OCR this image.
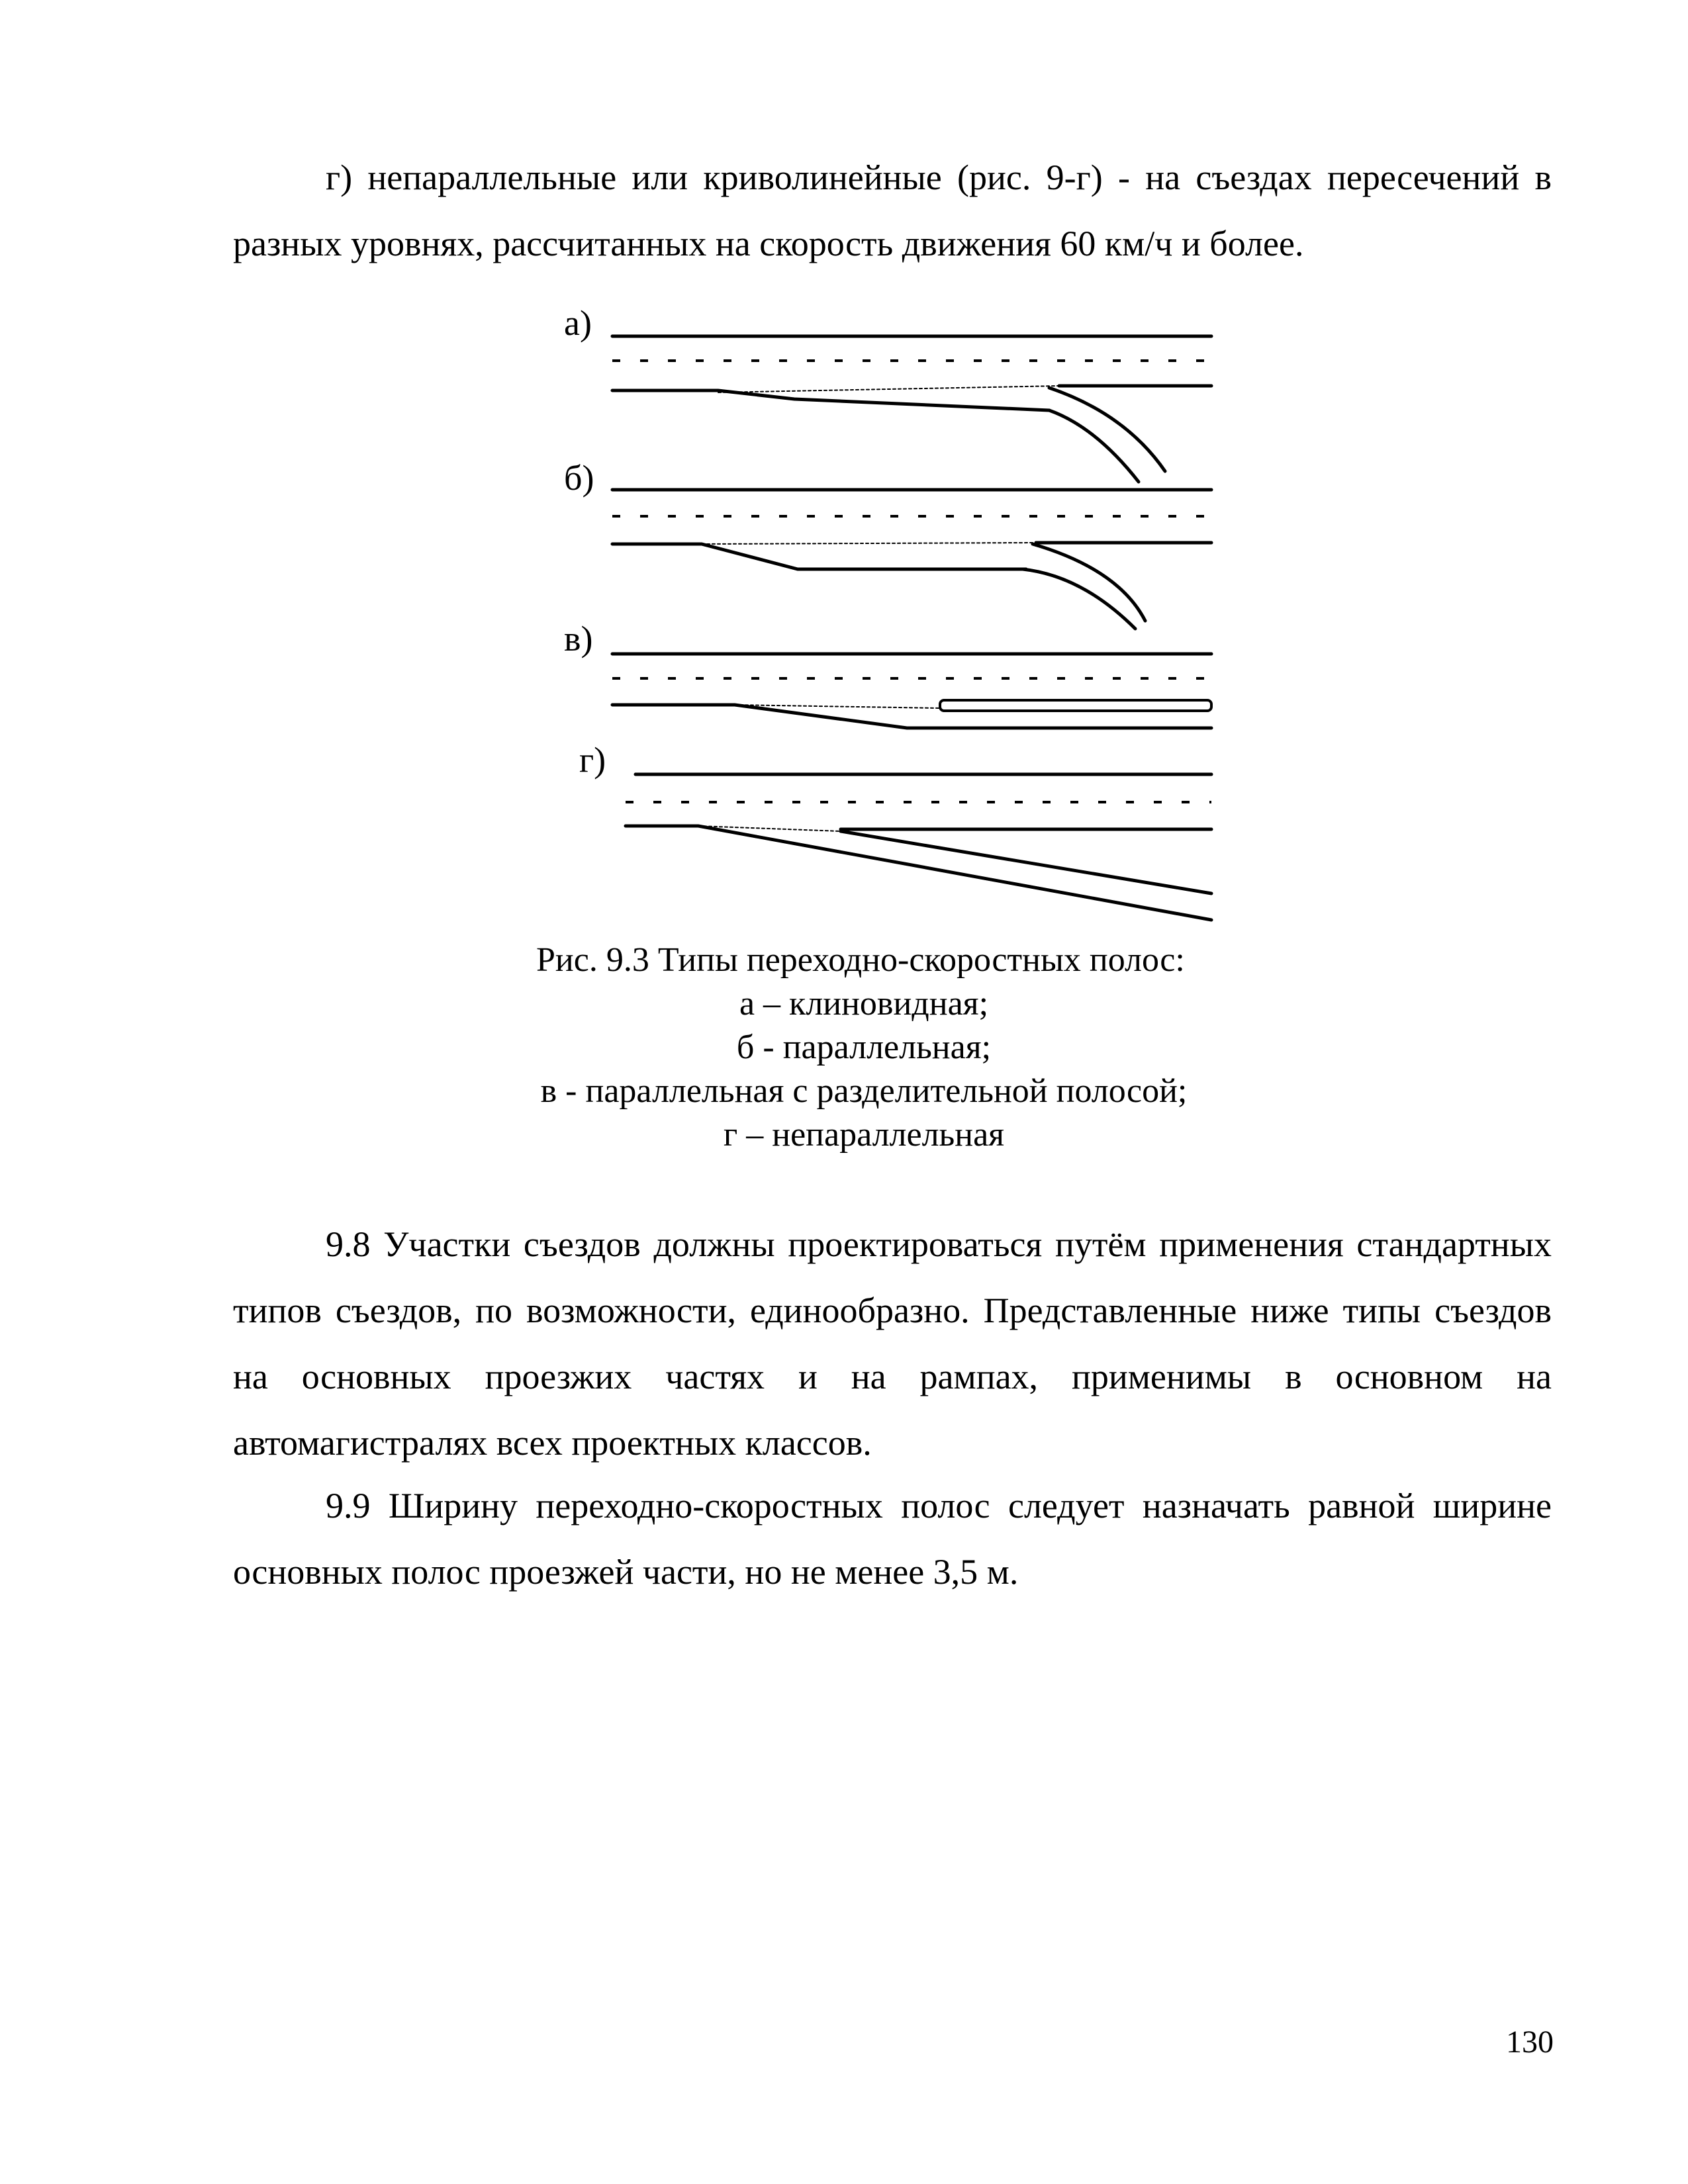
г) непараллельные или криволинейные (рис. 9-г) - на съездах пересечений в разных уровнях, рассчитанных на скорость движения 60 км/ч и более.

а)
б)
в)
г)
Рис. 9.3 Типы переходно-скоростных полос:
а – клиновидная;
б - параллельная;
в - параллельная с разделительной полосой;
г – непараллельная

9.8 Участки съездов должны проектироваться путём применения стандартных типов съездов, по возможности, единообразно. Представленные ниже типы съездов на основных проезжих частях и на рампах, применимы в основном на автомагистралях всех проектных классов.

9.9 Ширину переходно-скоростных полос следует назначать равной ширине основных полос проезжей части, но не менее 3,5 м.

130
